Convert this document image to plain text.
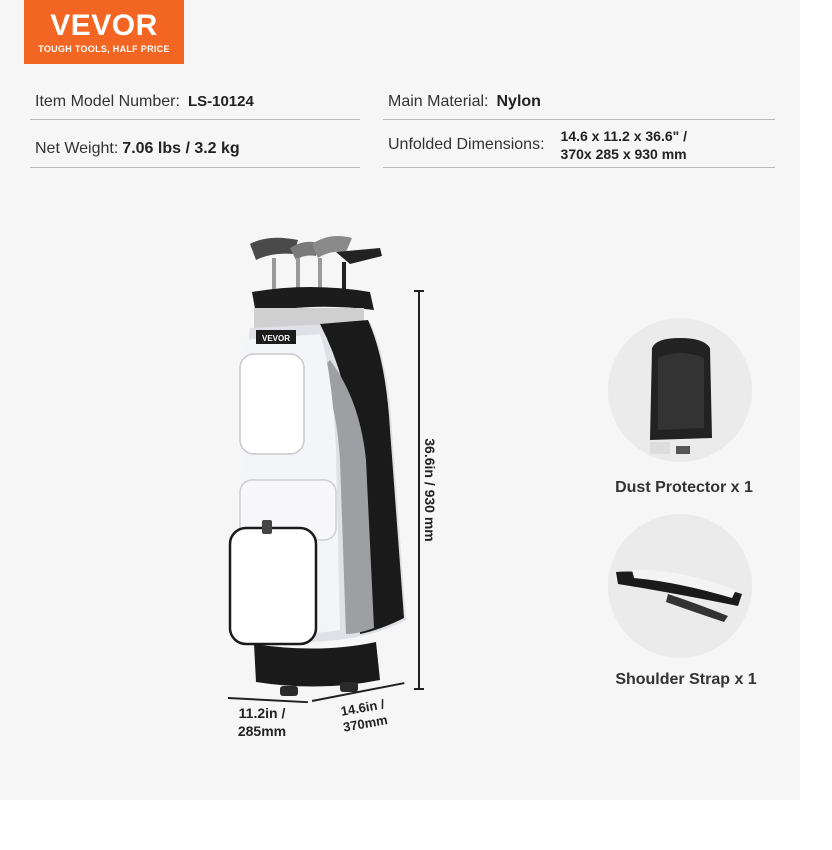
VEVOR
TOUGH TOOLS, HALF PRICE
Item Model Number: LS-10124	Main Material: Nylon
Net Weight: 7.06 lbs / 3.2 kg	Unfolded Dimensions: 14.6 x 11.2 x 36.6" /
370x 285 x 930 mm
VEVOR
36.6in / 930 mm
11.2in /
285mm
14.6in /
370mm
Dust Protector x 1
Shoulder Strap x 1
